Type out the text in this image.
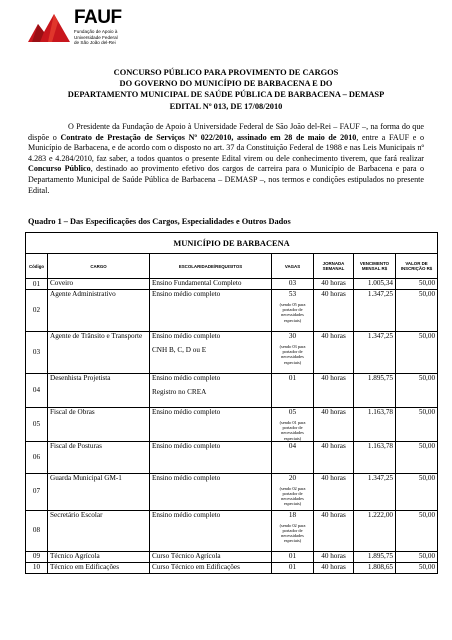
FAUF
Fundação de Apoio à
Universidade Federal
de São João del-Rei
CONCURSO PÚBLICO PARA PROVIMENTO DE CARGOS
DO GOVERNO DO MUNICÍPIO DE BARBACENA E DO
DEPARTAMENTO MUNICIPAL DE SAÚDE PÚBLICA DE BARBACENA – DEMASP
EDITAL Nº 013, DE 17/08/2010
O Presidente da Fundação de Apoio à Universidade Federal de São João del-Rei – FAUF –, na forma do que dispõe o Contrato de Prestação de Serviços Nº 022/2010, assinado em 28 de maio de 2010, entre a FAUF e o Município de Barbacena, e de acordo com o disposto no art. 37 da Constituição Federal de 1988 e nas Leis Municipais nº 4.283 e 4.284/2010, faz saber, a todos quantos o presente Edital virem ou dele conhecimento tiverem, que fará realizar Concurso Público, destinado ao provimento efetivo dos cargos de carreira para o Município de Barbacena e para o Departamento Municipal de Saúde Pública de Barbacena – DEMASP –, nos termos e condições estipulados no presente Edital.
Quadro 1 – Das Especificações dos Cargos, Especialidades e Outros Dados
MUNICÍPIO DE BARBACENA						
Código	CARGO	ESCOLARIDADE/REQUISITOS	VAGAS	JORNADA SEMANAL	VENCIMENTO MENSAL R$	VALOR DE INSCRIÇÃO R$
01	Coveiro	Ensino Fundamental Completo	03	40 horas	1.005,34	50,00
02	Agente Administrativo	Ensino médio completo	53
(sendo 05 para portador de necessidades especiais)	40 horas	1.347,25	50,00
03	Agente de Trânsito e Transporte	Ensino médio completo
CNH B, C, D ou E	30
(sendo 03 para portador de necessidades especiais)	40 horas	1.347,25	50,00
04	Desenhista Projetista	Ensino médio completo
Registro no CREA	01	40 horas	1.895,75	50,00
05	Fiscal de Obras	Ensino médio completo	05
(sendo 01 para portador de necessidades especiais)	40 horas	1.163,78	50,00
06	Fiscal de Posturas	Ensino médio completo	04	40 horas	1.163,78	50,00
07	Guarda Municipal GM-1	Ensino médio completo	20
(sendo 02 para portador de necessidades especiais)	40 horas	1.347,25	50,00
08	Secretário Escolar	Ensino médio completo	18
(sendo 02 para portador de necessidades especiais)	40 horas	1.222,00	50,00
09	Técnico Agrícola	Curso Técnico Agrícola	01	40 horas	1.895,75	50,00
10	Técnico em Edificações	Curso Técnico em Edificações	01	40 horas	1.808,65	50,00
